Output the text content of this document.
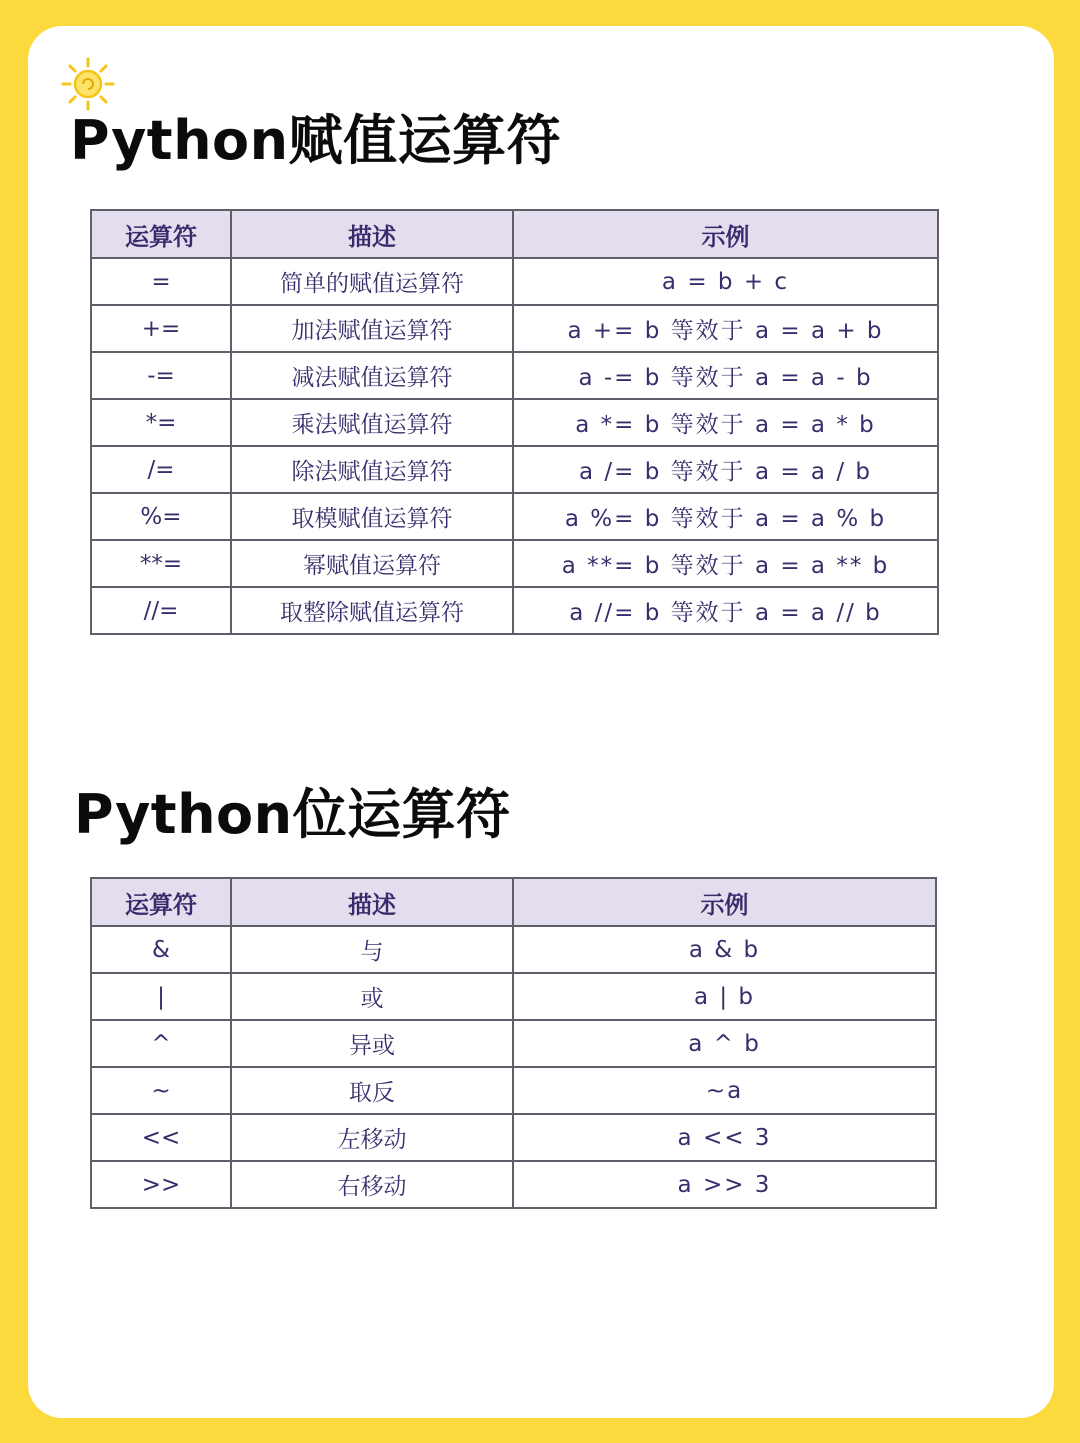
Python赋值运算符
运算符	描述	示例
=	简单的赋值运算符	a = b + c
+=	加法赋值运算符	a += b 等效于 a = a + b
-=	减法赋值运算符	a -= b 等效于 a = a - b
*=	乘法赋值运算符	a *= b 等效于 a = a * b
/=	除法赋值运算符	a /= b 等效于 a = a / b
%=	取模赋值运算符	a %= b 等效于 a = a % b
**=	幂赋值运算符	a **= b 等效于 a = a ** b
//=	取整除赋值运算符	a //= b 等效于 a = a // b
Python位运算符
运算符	描述	示例
&	与	a & b
|	或	a | b
^	异或	a ^ b
~	取反	~a
<<	左移动	a << 3
>>	右移动	a >> 3
